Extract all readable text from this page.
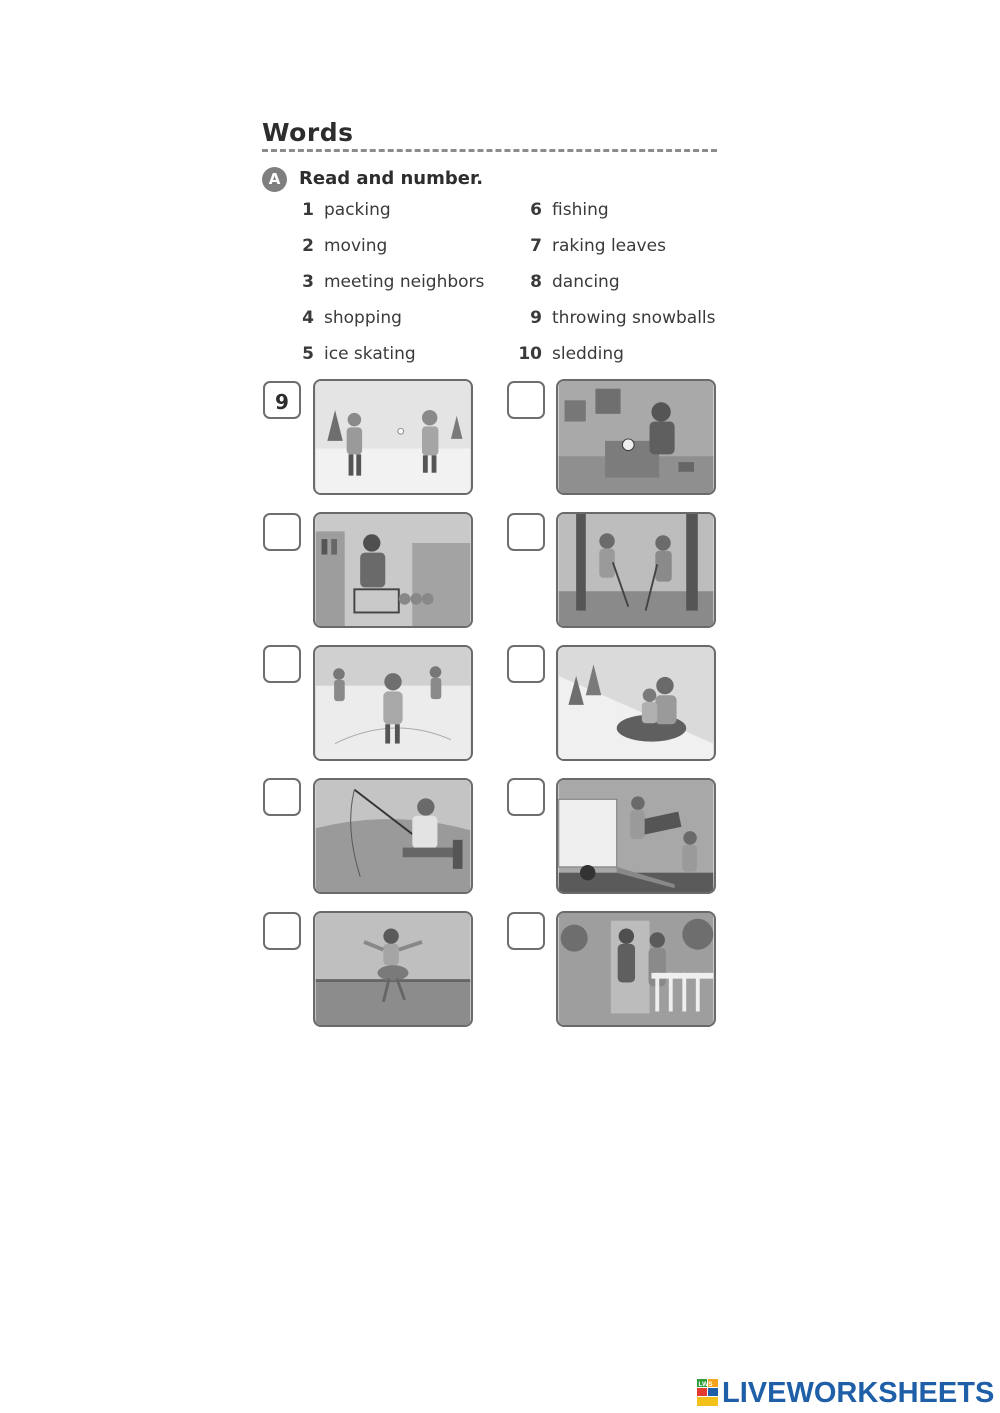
Words
A	Read and number.
1 packing
2 moving
3 meeting neighbors
4 shopping
5 ice skating
6 fishing
7 raking leaves
8 dancing
9 throwing snowballs
10 sledding
9
LWS LIVEWORKSHEETS
